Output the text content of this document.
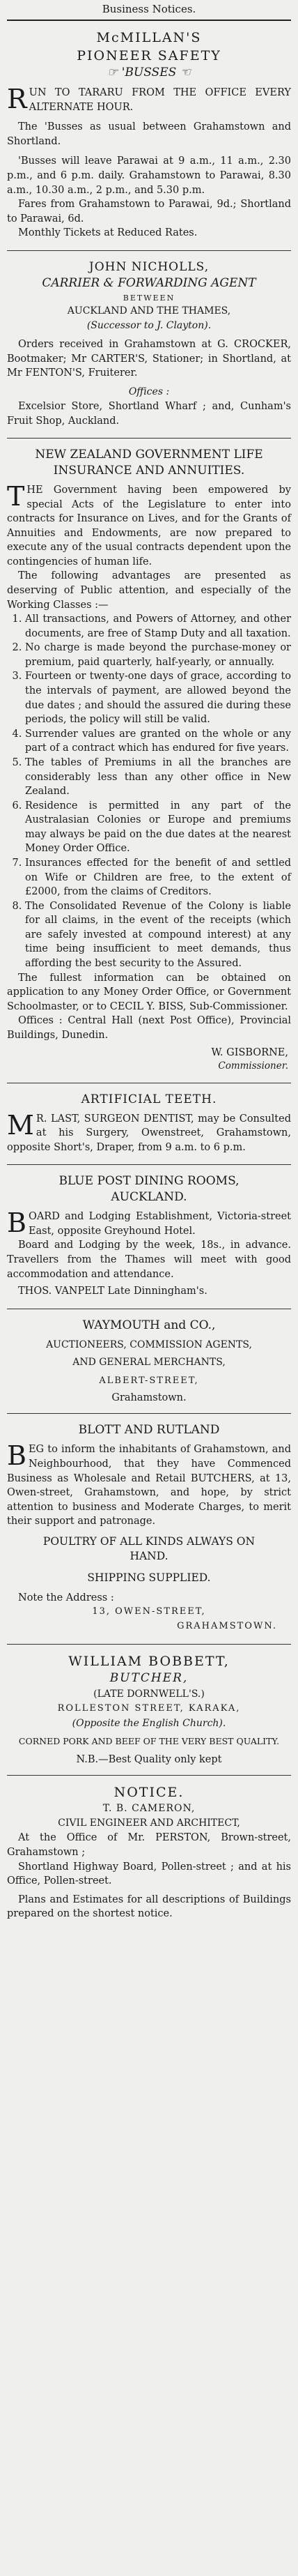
Business Notices.
McMILLAN'S
PIONEER SAFETY
☞ 'BUSSES ☜

RUN TO TARARU FROM THE OFFICE EVERY ALTERNATE HOUR.

The 'Busses as usual between Grahamstown and Shortland.

'Busses will leave Parawai at 9 a.m., 11 a.m., 2.30 p.m., and 6 p.m. daily. Grahamstown to Parawai, 8.30 a.m., 10.30 a.m., 2 p.m., and 5.30 p.m.

Fares from Grahamstown to Parawai, 9d.; Shortland to Parawai, 6d.

Monthly Tickets at Reduced Rates.

JOHN NICHOLLS,
CARRIER & FORWARDING AGENT
BETWEEN
AUCKLAND AND THE THAMES,
(Successor to J. Clayton).

Orders received in Grahamstown at G. CROCKER, Bootmaker; Mr CARTER'S, Stationer; in Shortland, at Mr FENTON'S, Fruiterer.

Offices :

Excelsior Store, Shortland Wharf ; and, Cunham's Fruit Shop, Auckland.

NEW ZEALAND GOVERNMENT LIFE
INSURANCE AND ANNUITIES.

THE Government having been empowered by special Acts of the Legislature to enter into contracts for Insurance on Lives, and for the Grants of Annuities and Endowments, are now prepared to execute any of the usual contracts dependent upon the contingencies of human life.

The following advantages are presented as deserving of Public attention, and especially of the Working Classes :—

1. All transactions, and Powers of Attorney, and other documents, are free of Stamp Duty and all taxation.
2. No charge is made beyond the purchase-money or premium, paid quarterly, half-yearly, or annually.
3. Fourteen or twenty-one days of grace, according to the intervals of payment, are allowed beyond the due dates ; and should the assured die during these periods, the policy will still be valid.
4. Surrender values are granted on the whole or any part of a contract which has endured for five years.
5. The tables of Premiums in all the branches are considerably less than any other office in New Zealand.
6. Residence is permitted in any part of the Australasian Colonies or Europe and premiums may always be paid on the due dates at the nearest Money Order Office.
7. Insurances effected for the benefit of and settled on Wife or Children are free, to the extent of £2000, from the claims of Creditors.
8. The Consolidated Revenue of the Colony is liable for all claims, in the event of the receipts (which are safely invested at compound interest) at any time being insufficient to meet demands, thus affording the best security to the Assured.

The fullest information can be obtained on application to any Money Order Office, or Government Schoolmaster, or to CECIL Y. BISS, Sub-Commissioner.

Offices : Central Hall (next Post Office), Provincial Buildings, Dunedin.

W. GISBORNE,
Commissioner.
ARTIFICIAL TEETH.

MR. LAST, SURGEON DENTIST, may be Consulted at his Surgery, Owenstreet, Grahamstown, opposite Short's, Draper, from 9 a.m. to 6 p.m.

BLUE POST DINING ROOMS,
AUCKLAND.

BOARD and Lodging Establishment, Victoria-street East, opposite Greyhound Hotel.

Board and Lodging by the week, 18s., in advance. Travellers from the Thames will meet with good accommodation and attendance.

THOS. VANPELT Late Dinningham's.

WAYMOUTH and CO.,
AUCTIONEERS, COMMISSION AGENTS,
AND GENERAL MERCHANTS,
ALBERT-STREET,
Grahamstown.
BLOTT AND RUTLAND

BEG to inform the inhabitants of Grahamstown, and Neighbourhood, that they have Commenced Business as Wholesale and Retail BUTCHERS, at 13, Owen-street, Grahamstown, and hope, by strict attention to business and Moderate Charges, to merit their support and patronage.

POULTRY OF ALL KINDS ALWAYS ON
HAND.
SHIPPING SUPPLIED.

Note the Address :

13, OWEN-STREET,
GRAHAMSTOWN.
WILLIAM BOBBETT,
BUTCHER,
(LATE DORNWELL'S.)
ROLLESTON STREET, KARAKA,
(Opposite the English Church).
CORNED PORK AND BEEF OF THE VERY BEST QUALITY.
N.B.—Best Quality only kept
NOTICE.
T. B. CAMERON,
CIVIL ENGINEER AND ARCHITECT,

At the Office of Mr. PERSTON, Brown-street, Grahamstown ;

Shortland Highway Board, Pollen-street ; and at his Office, Pollen-street.

Plans and Estimates for all descriptions of Buildings prepared on the shortest notice.
